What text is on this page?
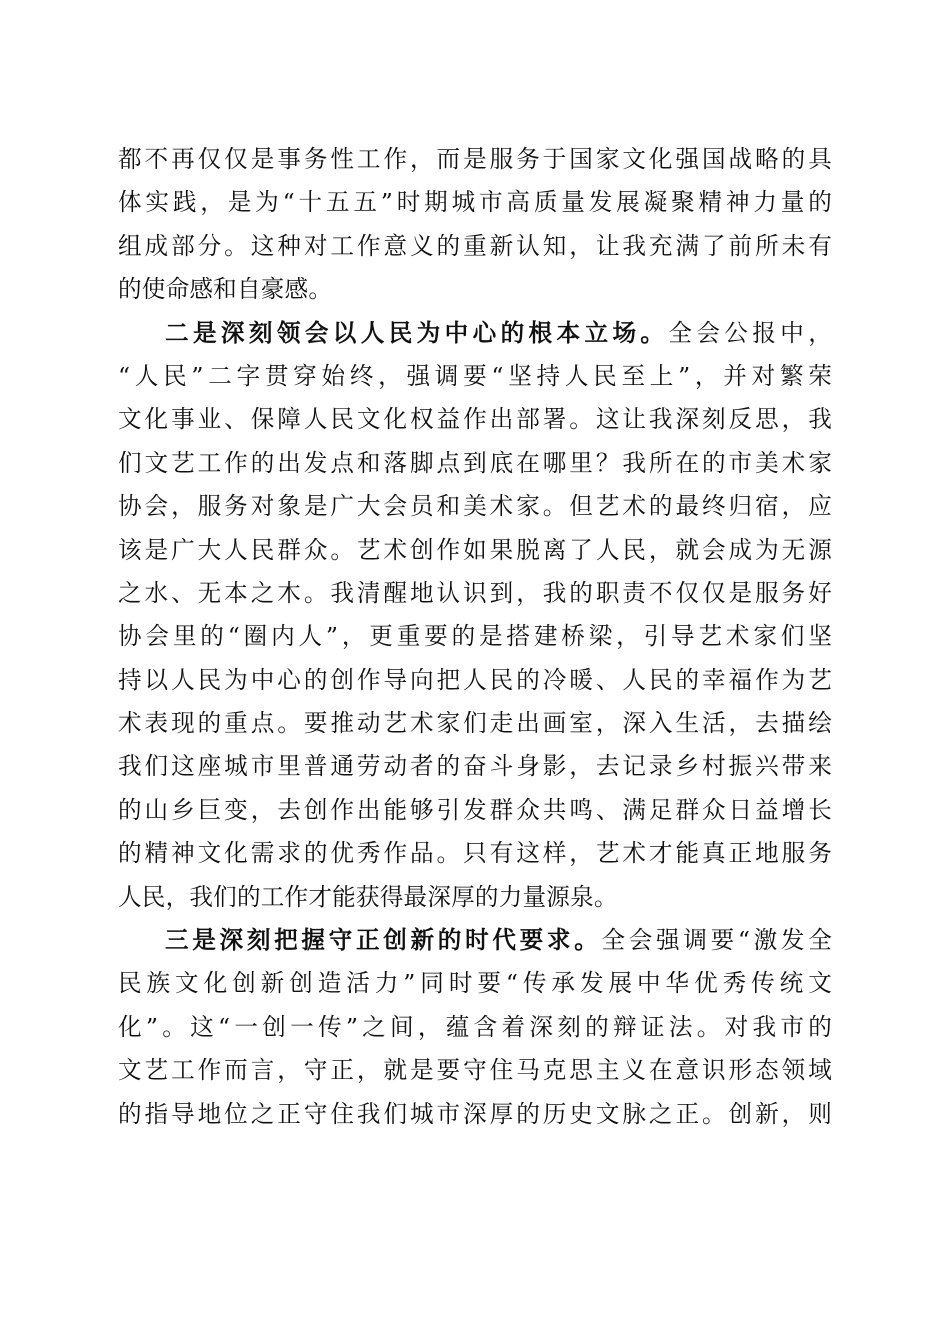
都不再仅仅是事务性工作，而是服务于国家文化强国战略的具
体实践，是为“十五五”时期城市高质量发展凝聚精神力量的
组成部分。这种对工作意义的重新认知，让我充满了前所未有
的使命感和自豪感。
二是深刻领会以人民为中心的根本立场。全会公报中，
“人民”二字贯穿始终，强调要“坚持人民至上”，并对繁荣
文化事业、保障人民文化权益作出部署。这让我深刻反思，我
们文艺工作的出发点和落脚点到底在哪里？我所在的市美术家
协会，服务对象是广大会员和美术家。但艺术的最终归宿，应
该是广大人民群众。艺术创作如果脱离了人民，就会成为无源
之水、无本之木。我清醒地认识到，我的职责不仅仅是服务好
协会里的“圈内人”，更重要的是搭建桥梁，引导艺术家们坚
持以人民为中心的创作导向把人民的冷暖、人民的幸福作为艺
术表现的重点。要推动艺术家们走出画室，深入生活，去描绘
我们这座城市里普通劳动者的奋斗身影，去记录乡村振兴带来
的山乡巨变，去创作出能够引发群众共鸣、满足群众日益增长
的精神文化需求的优秀作品。只有这样，艺术才能真正地服务
人民，我们的工作才能获得最深厚的力量源泉。
三是深刻把握守正创新的时代要求。全会强调要“激发全
民族文化创新创造活力”同时要“传承发展中华优秀传统文
化”。这“一创一传”之间，蕴含着深刻的辩证法。对我市的
文艺工作而言，守正，就是要守住马克思主义在意识形态领域
的指导地位之正守住我们城市深厚的历史文脉之正。创新，则
